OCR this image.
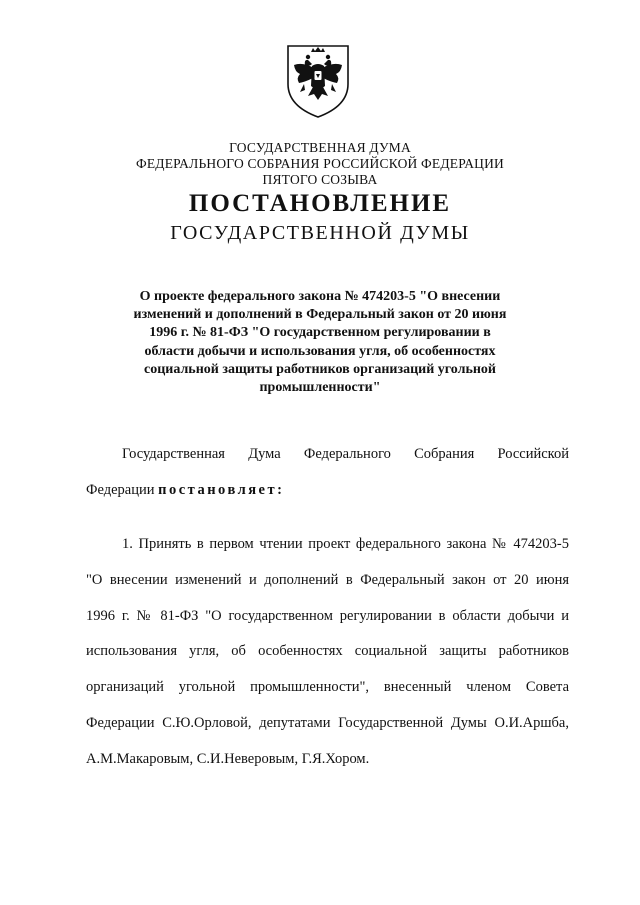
ГОСУДАРСТВЕННАЯ ДУМА
ФЕДЕРАЛЬНОГО СОБРАНИЯ РОССИЙСКОЙ ФЕДЕРАЦИИ
ПЯТОГО СОЗЫВА
ПОСТАНОВЛЕНИЕ
ГОСУДАРСТВЕННОЙ ДУМЫ
О проекте федерального закона № 474203-5 "О внесении
изменений и дополнений в Федеральный закон от 20 июня
1996 г. № 81-ФЗ "О государственном регулировании в
области добычи и использования угля, об особенностях
социальной защиты работников организаций угольной
промышленности"
Государственная Дума Федерального Собрания Российской
Федерации постановляет:
1. Принять в первом чтении проект федерального закона № 474203-5
"О внесении изменений и дополнений в Федеральный закон от 20 июня
1996 г. № 81-ФЗ "О государственном регулировании в области добычи и
использования угля, об особенностях социальной защиты работников
организаций угольной промышленности", внесенный членом Совета
Федерации С.Ю.Орловой, депутатами Государственной Думы О.И.Аршба,
А.М.Макаровым, С.И.Неверовым, Г.Я.Хором.
